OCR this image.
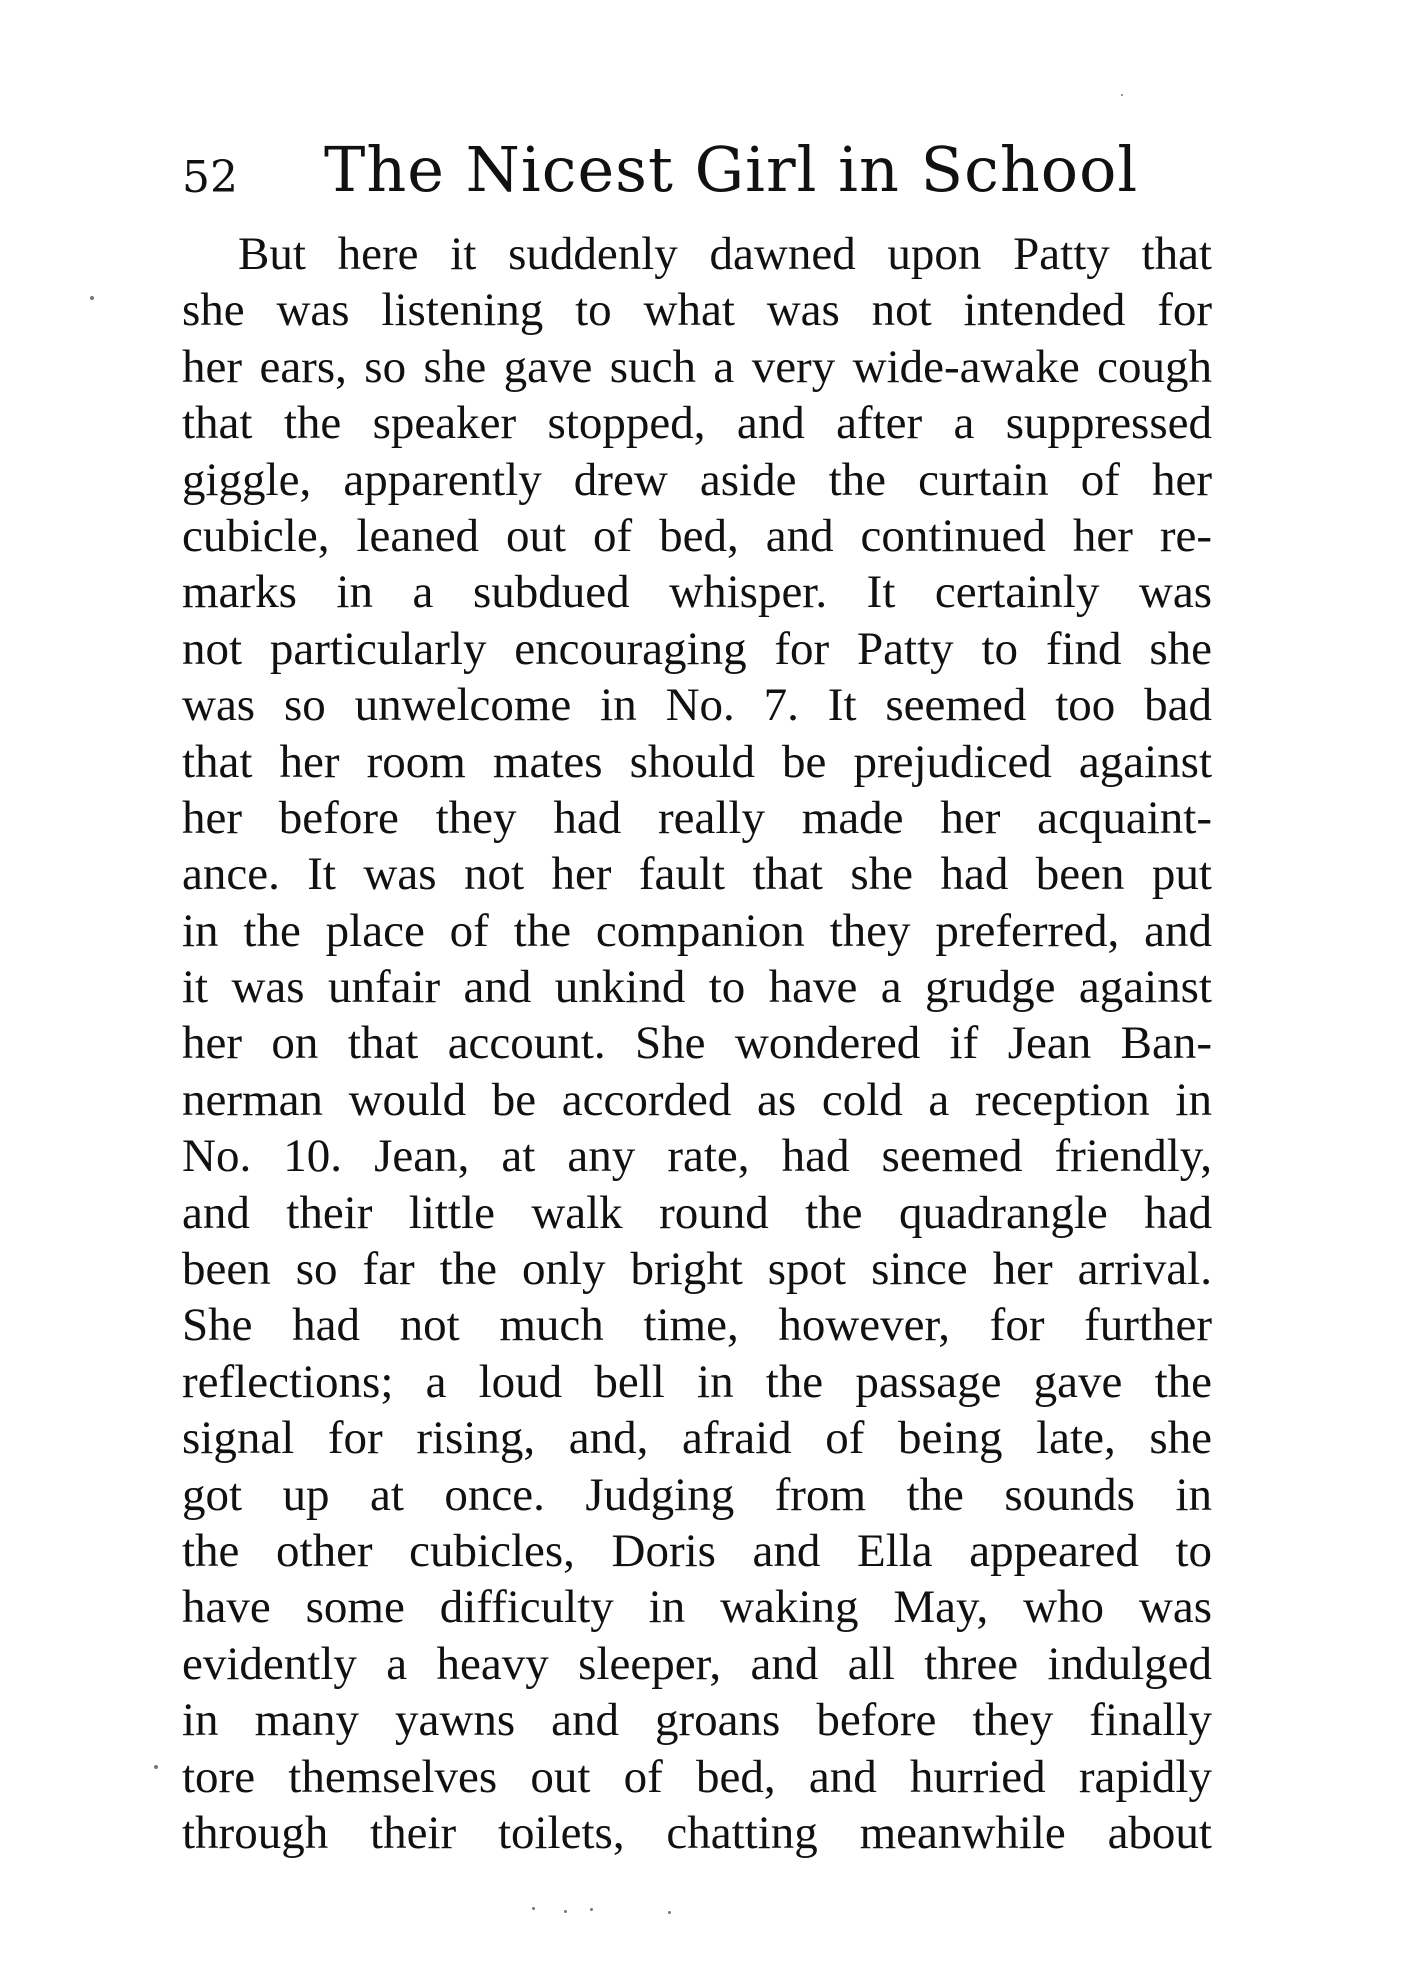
52 The Nicest Girl in School
But here it suddenly dawned upon Patty that
she was listening to what was not intended for
her ears, so she gave such a very wide-awake cough
that the speaker stopped, and after a suppressed
giggle, apparently drew aside the curtain of her
cubicle, leaned out of bed, and continued her re-
marks in a subdued whisper. It certainly was
not particularly encouraging for Patty to find she
was so unwelcome in No. 7. It seemed too bad
that her room mates should be prejudiced against
her before they had really made her acquaint-
ance. It was not her fault that she had been put
in the place of the companion they preferred, and
it was unfair and unkind to have a grudge against
her on that account. She wondered if Jean Ban-
nerman would be accorded as cold a reception in
No. 10. Jean, at any rate, had seemed friendly,
and their little walk round the quadrangle had
been so far the only bright spot since her arrival.
She had not much time, however, for further
reflections; a loud bell in the passage gave the
signal for rising, and, afraid of being late, she
got up at once. Judging from the sounds in
the other cubicles, Doris and Ella appeared to
have some difficulty in waking May, who was
evidently a heavy sleeper, and all three indulged
in many yawns and groans before they finally
tore themselves out of bed, and hurried rapidly
through their toilets, chatting meanwhile about
